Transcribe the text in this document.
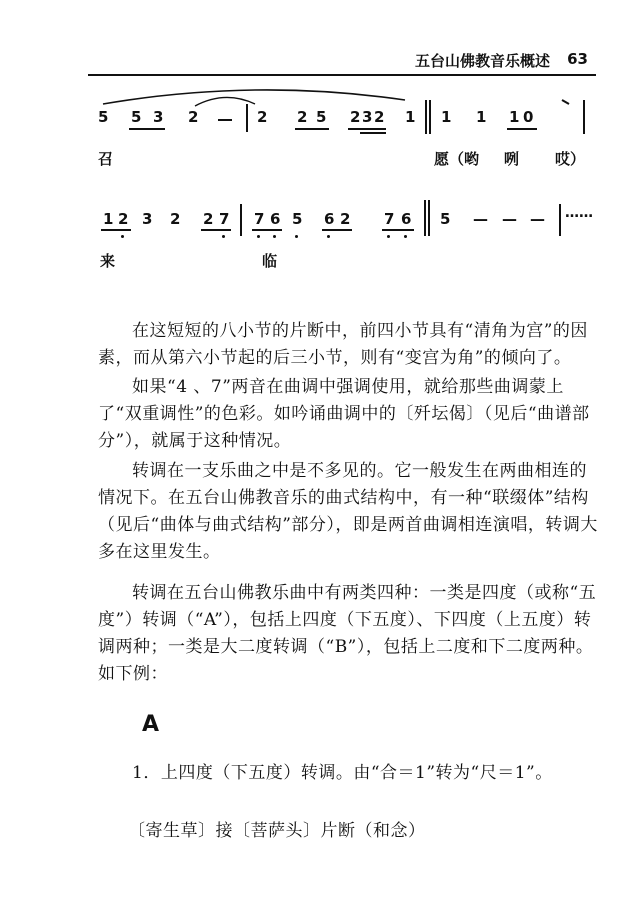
五台山佛教音乐概述 63
5 5 3 2	2 2 5 2 3 2 1 1 1 1 0
召	愿（哟 咧 哎）
1 2 3 2 2 7 7 6 5 6 2 7 6 5 — — — ……
来	临
在这短短的八小节的片断中，前四小节具有“清角为宫”的因素，而从第六小节起的后三小节，则有“变宫为角”的倾向了。
如果“4 、7”两音在曲调中强调使用，就给那些曲调蒙上了“双重调性”的色彩。如吟诵曲调中的〔歼坛偈〕（见后“曲谱部分”），就属于这种情况。
转调在一支乐曲之中是不多见的。它一般发生在两曲相连的情况下。在五台山佛教音乐的曲式结构中，有一种“联缀体”结构（见后“曲体与曲式结构”部分），即是两首曲调相连演唱，转调大多在这里发生。
转调在五台山佛教乐曲中有两类四种：一类是四度（或称“五度”）转调（“A”），包括上四度（下五度）、下四度（上五度）转调两种；一类是大二度转调（“B”），包括上二度和下二度两种。如下例：
A
1．上四度（下五度）转调。由“合＝1”转为“尺＝1”。
〔寄生草〕接〔菩萨头〕片断（和念）
